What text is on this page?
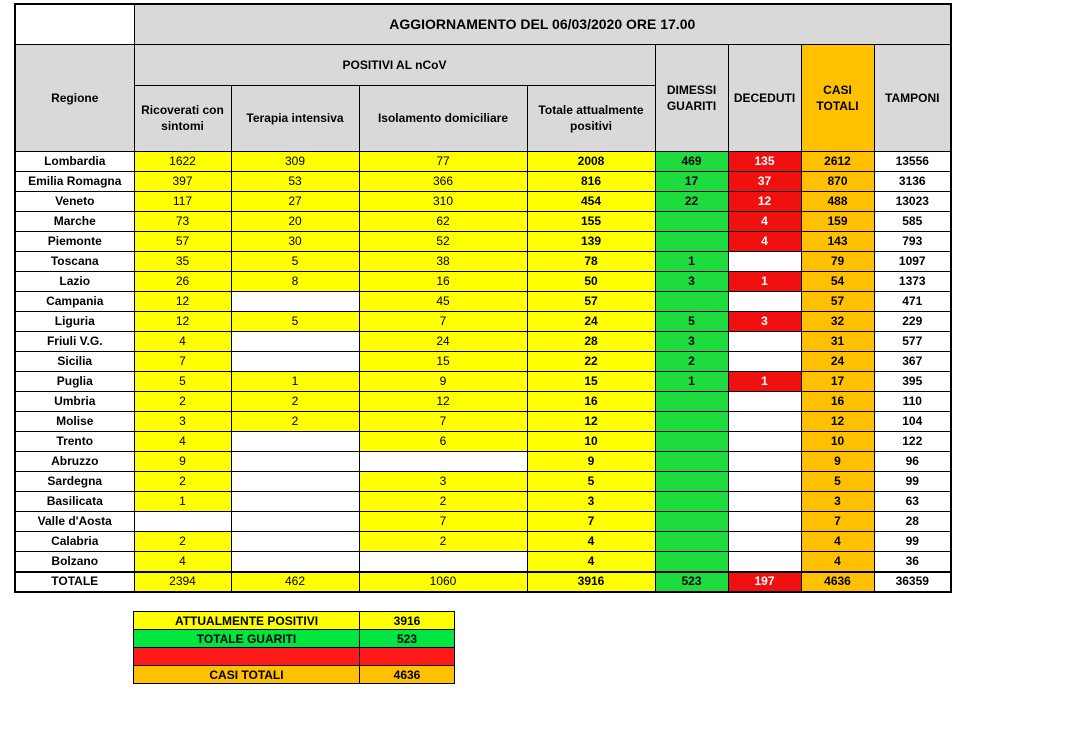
	AGGIORNAMENTO DEL 06/03/2020 ORE 17.00							
Regione	POSITIVI AL nCoV				DIMESSI GUARITI	DECEDUTI	CASI TOTALI	TAMPONI
	Ricoverati con sintomi	Terapia intensiva	Isolamento domiciliare	Totale attualmente positivi				
Lombardia	1622	309	77	2008	469	135	2612	13556
Emilia Romagna	397	53	366	816	17	37	870	3136
Veneto	117	27	310	454	22	12	488	13023
Marche	73	20	62	155		4	159	585
Piemonte	57	30	52	139		4	143	793
Toscana	35	5	38	78	1		79	1097
Lazio	26	8	16	50	3	1	54	1373
Campania	12		45	57			57	471
Liguria	12	5	7	24	5	3	32	229
Friuli V.G.	4		24	28	3		31	577
Sicilia	7		15	22	2		24	367
Puglia	5	1	9	15	1	1	17	395
Umbria	2	2	12	16			16	110
Molise	3	2	7	12			12	104
Trento	4		6	10			10	122
Abruzzo	9			9			9	96
Sardegna	2		3	5			5	99
Basilicata	1		2	3			3	63
Valle d'Aosta			7	7			7	28
Calabria	2		2	4			4	99
Bolzano	4			4			4	36
TOTALE	2394	462	1060	3916	523	197	4636	36359
ATTUALMENTE POSITIVI	3916
TOTALE GUARITI	523
TOTALE DECEDUTI	197
CASI TOTALI	4636
